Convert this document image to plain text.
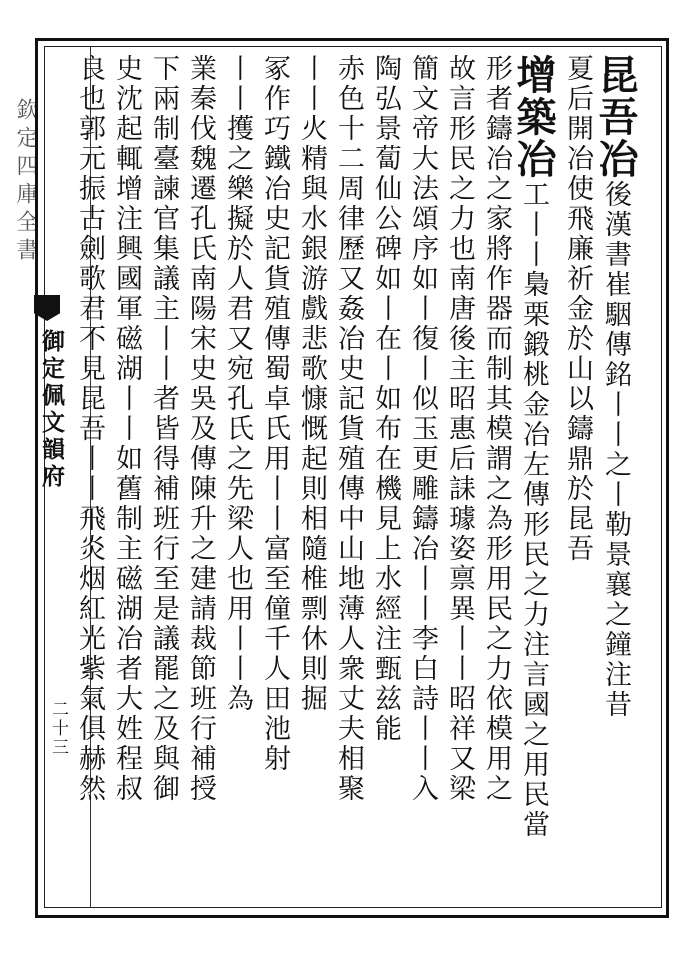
欽定四庫全書
御定佩文韻府
二十三
昆吾冶後漢書崔駰傳銘丨丨之丨勒景襄之鐘注昔
夏后開冶使飛廉祈金於山以鑄鼎於昆吾
增築冶工丨丨梟栗鍛桃金冶左傳形民之力注言國之用民當
形者鑄冶之家將作器而制其模謂之為形用民之力依模用之
故言形民之力也南唐後主昭惠后誄璩姿禀異丨丨昭祥又梁
簡文帝大法頌序如丨復丨似玉更雕鑄冶丨丨李白詩丨丨入
陶弘景蔔仙公碑如丨在丨如布在機見上水經注甄兹能
赤色十二周律歷又姦冶史記貨殖傳中山地薄人衆丈夫相聚
丨丨火精與水銀游戲悲歌慷慨起則相隨椎剽休則掘
冢作巧鐵冶史記貨殖傳蜀卓氏用丨丨富至僮千人田池射
丨丨擭之樂擬於人君又宛孔氏之先梁人也用丨丨為
業秦伐魏遷孔氏南陽宋史吳及傳陳升之建請裁節班行補授
下兩制臺諫官集議主丨丨者皆得補班行至是議罷之及與御
史沈起輒增注興國軍磁湖丨丨如舊制主磁湖冶者大姓程叔
良也郭元振古劍歌君不見昆吾丨丨飛炎烟紅光紫氣俱赫然
